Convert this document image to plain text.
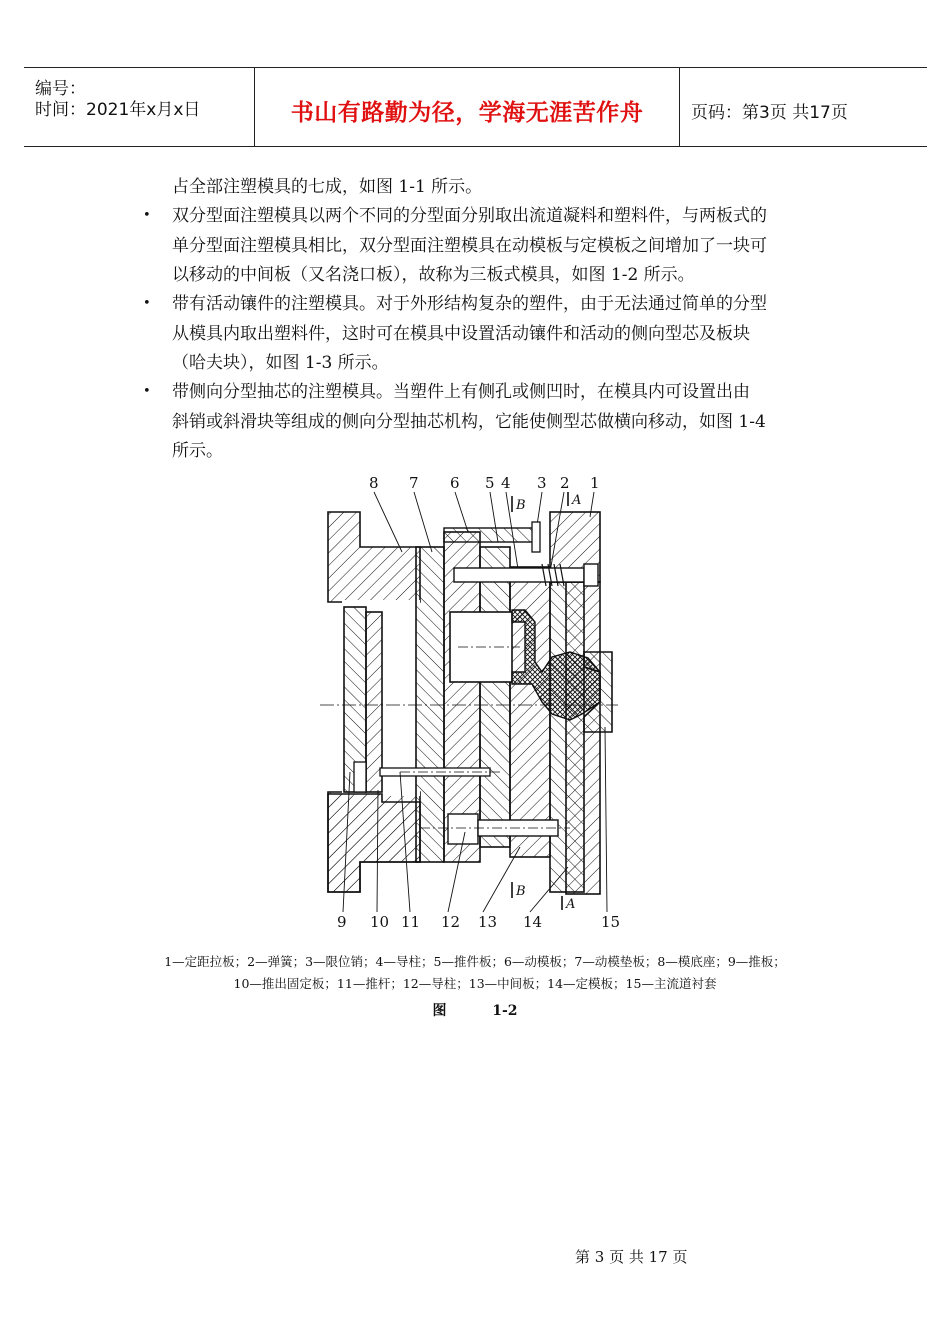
编号：
时间：2021年x月x日	书山有路勤为径，学海无涯苦作舟	页码：第3页 共17页
占全部注塑模具的七成，如图 1-1 所示。
• 双分型面注塑模具以两个不同的分型面分别取出流道凝料和塑料件，与两板式的
单分型面注塑模具相比，双分型面注塑模具在动模板与定模板之间增加了一块可
以移动的中间板（又名浇口板），故称为三板式模具，如图 1-2 所示。
• 带有活动镶件的注塑模具。对于外形结构复杂的塑件，由于无法通过简单的分型
从模具内取出塑料件，这时可在模具中设置活动镶件和活动的侧向型芯及板块
（哈夫块），如图 1-3 所示。
• 带侧向分型抽芯的注塑模具。当塑件上有侧孔或侧凹时，在模具内可设置出由
斜销或斜滑块等组成的侧向分型抽芯机构，它能使侧型芯做横向移动，如图 1-4
所示。
8 7 6 5 4 3 2 1
B	A
B
A
9 10 11 12 13 14	15
1—定距拉板；2—弹簧；3—限位销；4—导柱；5—推件板；6—动模板；7—动模垫板；8—模底座；9—推板；
10—推出固定板；11—推杆；12—导柱；13—中间板；14—定模板；15—主流道衬套
图	1-2
第 3 页 共 17 页
